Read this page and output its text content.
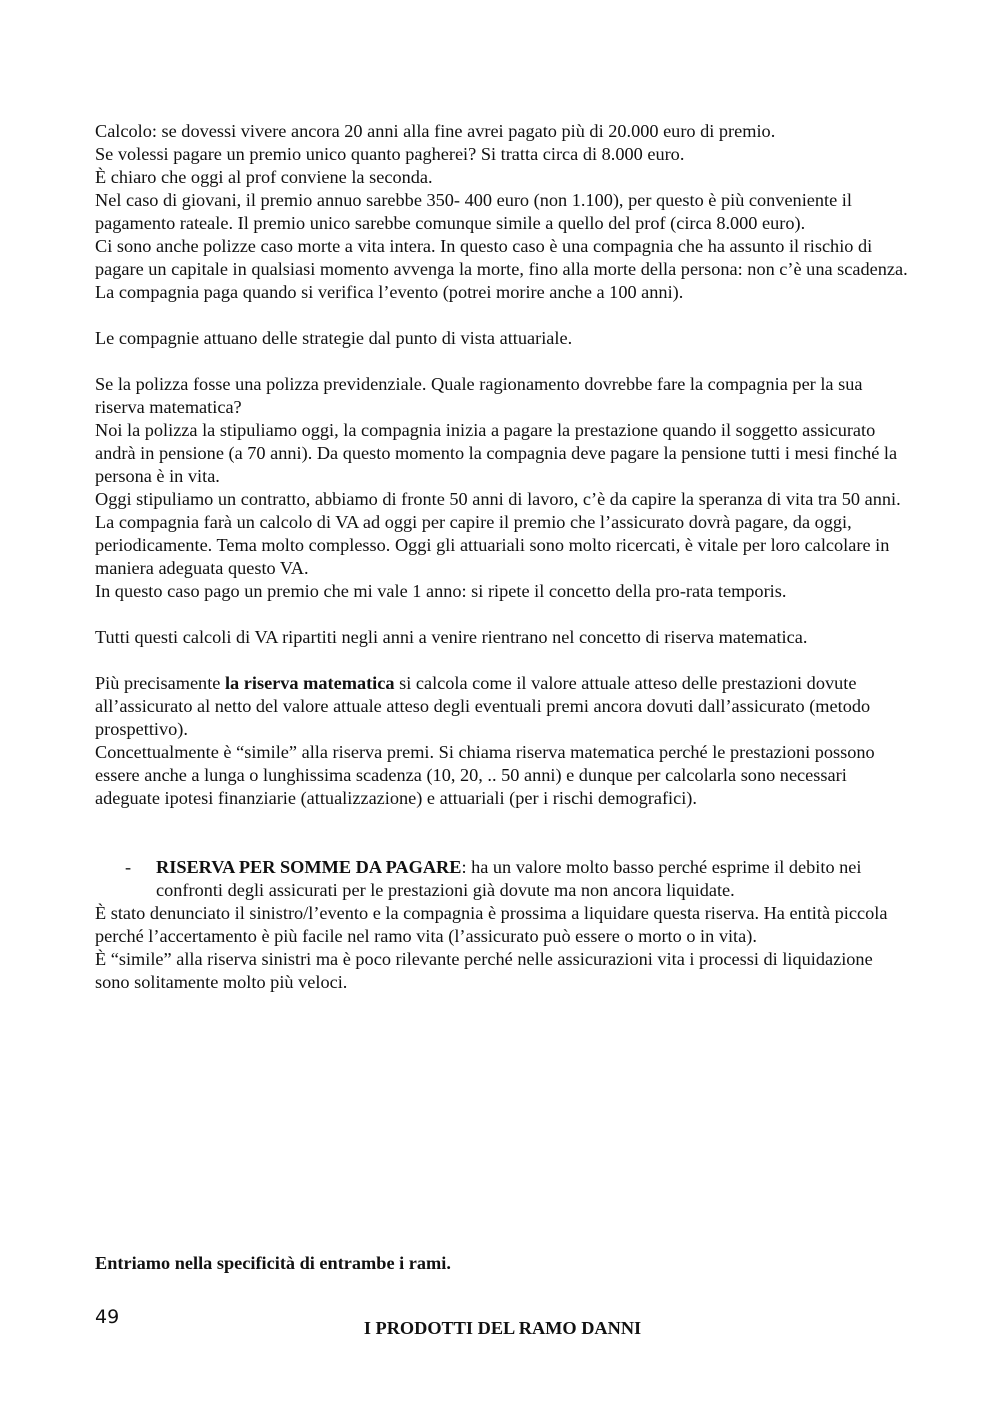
Calcolo: se dovessi vivere ancora 20 anni alla fine avrei pagato più di 20.000 euro di premio.

Se volessi pagare un premio unico quanto pagherei? Si tratta circa di 8.000 euro.

È chiaro che oggi al prof conviene la seconda.

Nel caso di giovani, il premio annuo sarebbe 350- 400 euro (non 1.100), per questo è più conveniente il pagamento rateale. Il premio unico sarebbe comunque simile a quello del prof (circa 8.000 euro).

Ci sono anche polizze caso morte a vita intera. In questo caso è una compagnia che ha assunto il rischio di pagare un capitale in qualsiasi momento avvenga la morte, fino alla morte della persona: non c’è una scadenza. La compagnia paga quando si verifica l’evento (potrei morire anche a 100 anni).

Le compagnie attuano delle strategie dal punto di vista attuariale.

Se la polizza fosse una polizza previdenziale. Quale ragionamento dovrebbe fare la compagnia per la sua riserva matematica?

Noi la polizza la stipuliamo oggi, la compagnia inizia a pagare la prestazione quando il soggetto assicurato andrà in pensione (a 70 anni). Da questo momento la compagnia deve pagare la pensione tutti i mesi finché la persona è in vita.

Oggi stipuliamo un contratto, abbiamo di fronte 50 anni di lavoro, c’è da capire la speranza di vita tra 50 anni. La compagnia farà un calcolo di VA ad oggi per capire il premio che l’assicurato dovrà pagare, da oggi, periodicamente. Tema molto complesso. Oggi gli attuariali sono molto ricercati, è vitale per loro calcolare in maniera adeguata questo VA.

In questo caso pago un premio che mi vale 1 anno: si ripete il concetto della pro-rata temporis.

Tutti questi calcoli di VA ripartiti negli anni a venire rientrano nel concetto di riserva matematica.

Più precisamente la riserva matematica si calcola come il valore attuale atteso delle prestazioni dovute all’assicurato al netto del valore attuale atteso degli eventuali premi ancora dovuti dall’assicurato (metodo prospettivo).

Concettualmente è “simile” alla riserva premi. Si chiama riserva matematica perché le prestazioni possono essere anche a lunga o lunghissima scadenza (10, 20, .. 50 anni) e dunque per calcolarla sono necessari adeguate ipotesi finanziarie (attualizzazione) e attuariali (per i rischi demografici).

- RISERVA PER SOMME DA PAGARE: ha un valore molto basso perché esprime il debito nei confronti degli assicurati per le prestazioni già dovute ma non ancora liquidate.

È stato denunciato il sinistro/l’evento e la compagnia è prossima a liquidare questa riserva. Ha entità piccola perché l’accertamento è più facile nel ramo vita (l’assicurato può essere o morto o in vita).

È “simile” alla riserva sinistri ma è poco rilevante perché nelle assicurazioni vita i processi di liquidazione sono solitamente molto più veloci.

Entriamo nella specificità di entrambe i rami.

I PRODOTTI DEL RAMO DANNI

49
